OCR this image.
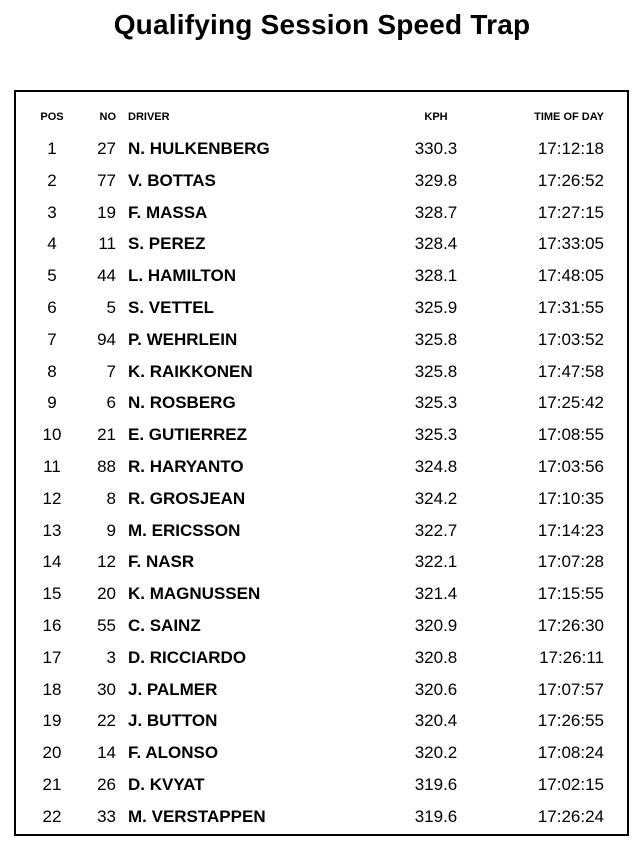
Qualifying Session Speed Trap
POS	NO DRIVER	KPH	TIME OF DAY
1	27 N. HULKENBERG	330.3	17:12:18
2	77 V. BOTTAS	329.8	17:26:52
3	19 F. MASSA	328.7	17:27:15
4	11 S. PEREZ	328.4	17:33:05
5	44 L. HAMILTON	328.1	17:48:05
6	5 S. VETTEL	325.9	17:31:55
7	94 P. WEHRLEIN	325.8	17:03:52
8	7 K. RAIKKONEN	325.8	17:47:58
9	6 N. ROSBERG	325.3	17:25:42
10	21 E. GUTIERREZ	325.3	17:08:55
11	88 R. HARYANTO	324.8	17:03:56
12	8 R. GROSJEAN	324.2	17:10:35
13	9 M. ERICSSON	322.7	17:14:23
14	12 F. NASR	322.1	17:07:28
15	20 K. MAGNUSSEN	321.4	17:15:55
16	55 C. SAINZ	320.9	17:26:30
17	3 D. RICCIARDO	320.8	17:26:11
18	30 J. PALMER	320.6	17:07:57
19	22 J. BUTTON	320.4	17:26:55
20	14 F. ALONSO	320.2	17:08:24
21	26 D. KVYAT	319.6	17:02:15
22	33 M. VERSTAPPEN	319.6	17:26:24
